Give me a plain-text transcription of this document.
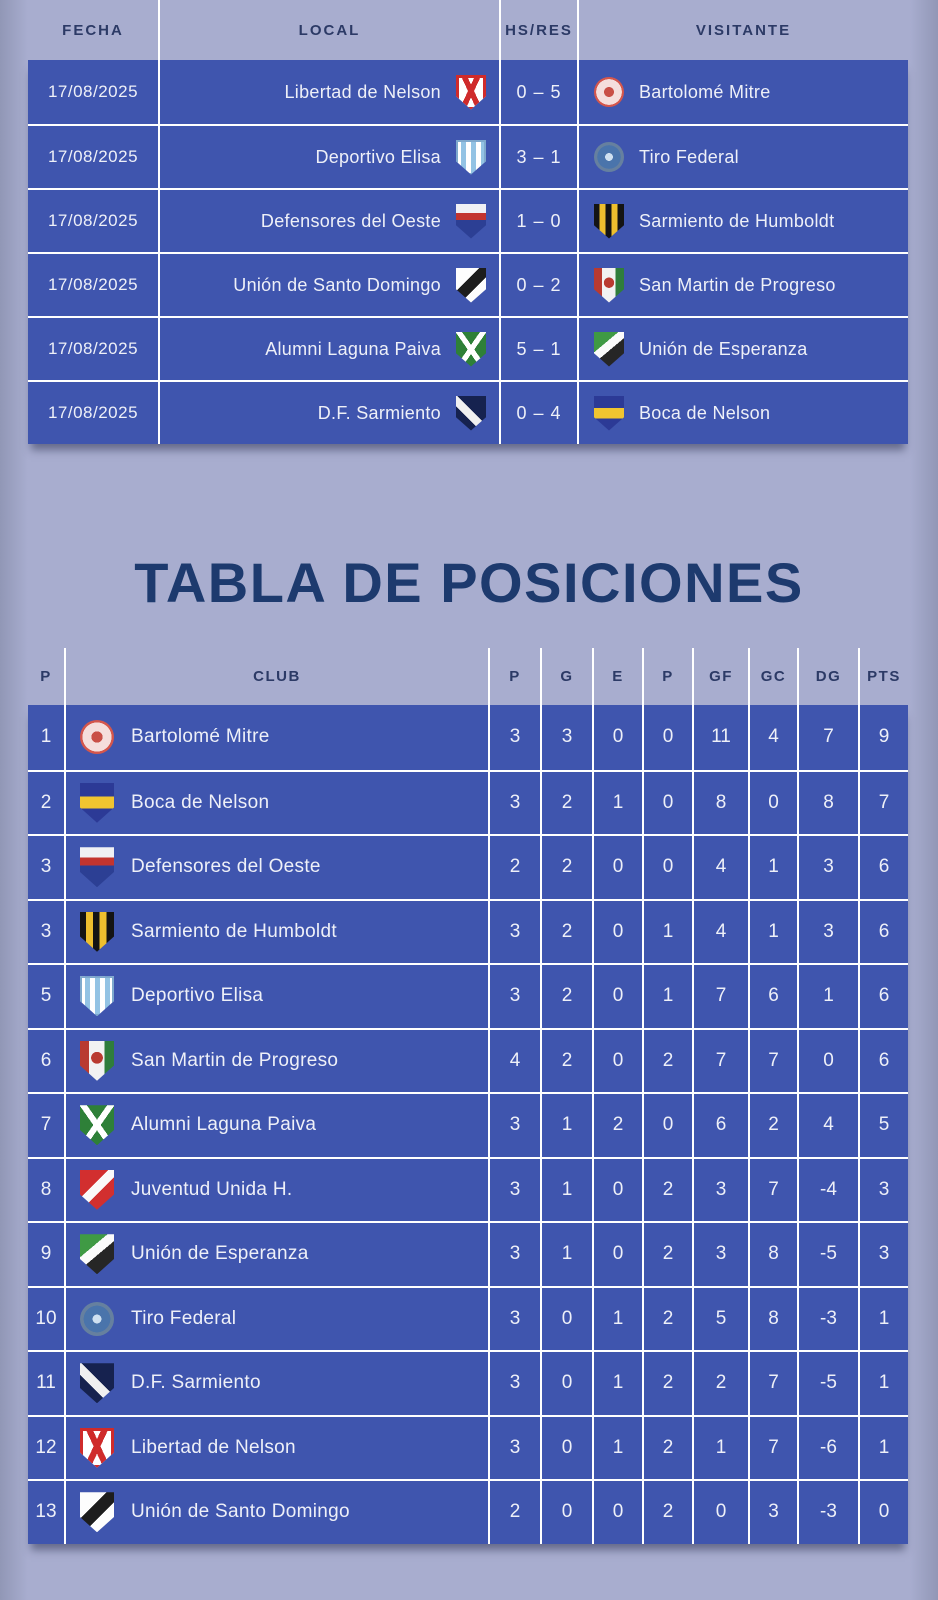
FECHA	LOCAL	HS/RES	VISITANTE
17/08/2025	Libertad de Nelson	0 – 5	Bartolomé Mitre
17/08/2025	Deportivo Elisa	3 – 1	Tiro Federal
17/08/2025	Defensores del Oeste	1 – 0	Sarmiento de Humboldt
17/08/2025	Unión de Santo Domingo	0 – 2	San Martin de Progreso
17/08/2025	Alumni Laguna Paiva	5 – 1	Unión de Esperanza
17/08/2025	D.F. Sarmiento	0 – 4	Boca de Nelson
TABLA DE POSICIONES
P	CLUB	P	G	E	P	GF	GC	DG	PTS
1	Bartolomé Mitre	3	3	0	0	11	4	7	9
2	Boca de Nelson	3	2	1	0	8	0	8	7
3	Defensores del Oeste	2	2	0	0	4	1	3	6
3	Sarmiento de Humboldt	3	2	0	1	4	1	3	6
5	Deportivo Elisa	3	2	0	1	7	6	1	6
6	San Martin de Progreso	4	2	0	2	7	7	0	6
7	Alumni Laguna Paiva	3	1	2	0	6	2	4	5
8	Juventud Unida H.	3	1	0	2	3	7	-4	3
9	Unión de Esperanza	3	1	0	2	3	8	-5	3
10	Tiro Federal	3	0	1	2	5	8	-3	1
11	D.F. Sarmiento	3	0	1	2	2	7	-5	1
12	Libertad de Nelson	3	0	1	2	1	7	-6	1
13	Unión de Santo Domingo	2	0	0	2	0	3	-3	0
